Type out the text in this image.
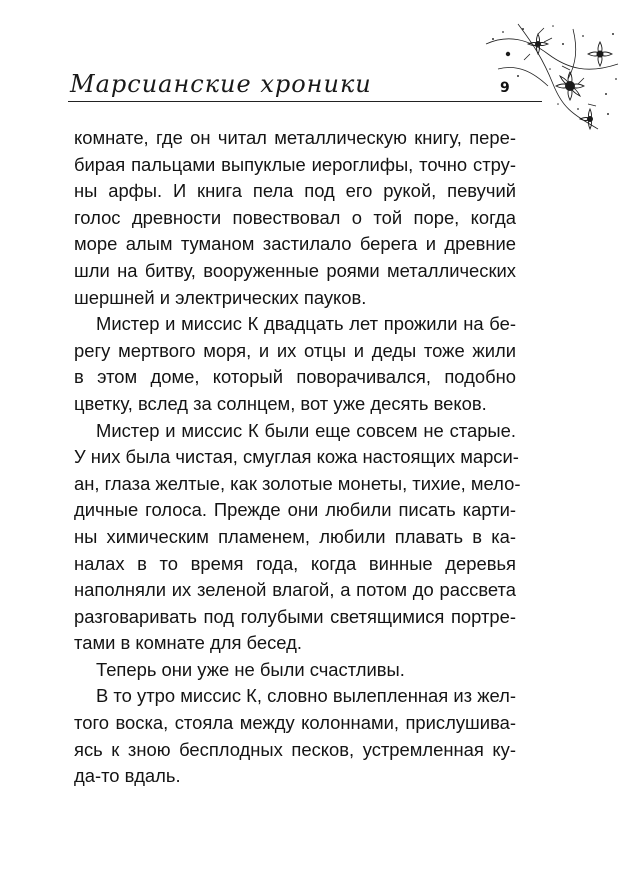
Марсианские хроники	9
комнате, где он читал металлическую книгу, пере-
бирая пальцами выпуклые иероглифы, точно стру-
ны арфы. И книга пела под его рукой, певучий
голос древности повествовал о той поре, когда
море алым туманом застилало берега и древние
шли на битву, вооруженные роями металлических
шершней и электрических пауков.
Мистер и миссис К двадцать лет прожили на бе-
регу мертвого моря, и их отцы и деды тоже жили
в этом доме, который поворачивался, подобно
цветку, вслед за солнцем, вот уже десять веков.
Мистер и миссис К были еще совсем не старые.
У них была чистая, смуглая кожа настоящих марси-
ан, глаза желтые, как золотые монеты, тихие, мело-
дичные голоса. Прежде они любили писать карти-
ны химическим пламенем, любили плавать в ка-
налах в то время года, когда винные деревья
наполняли их зеленой влагой, а потом до рассвета
разговаривать под голубыми светящимися портре-
тами в комнате для бесед.
Теперь они уже не были счастливы.
В то утро миссис К, словно вылепленная из жел-
того воска, стояла между колоннами, прислушива-
ясь к зною бесплодных песков, устремленная ку-
да-то вдаль.
